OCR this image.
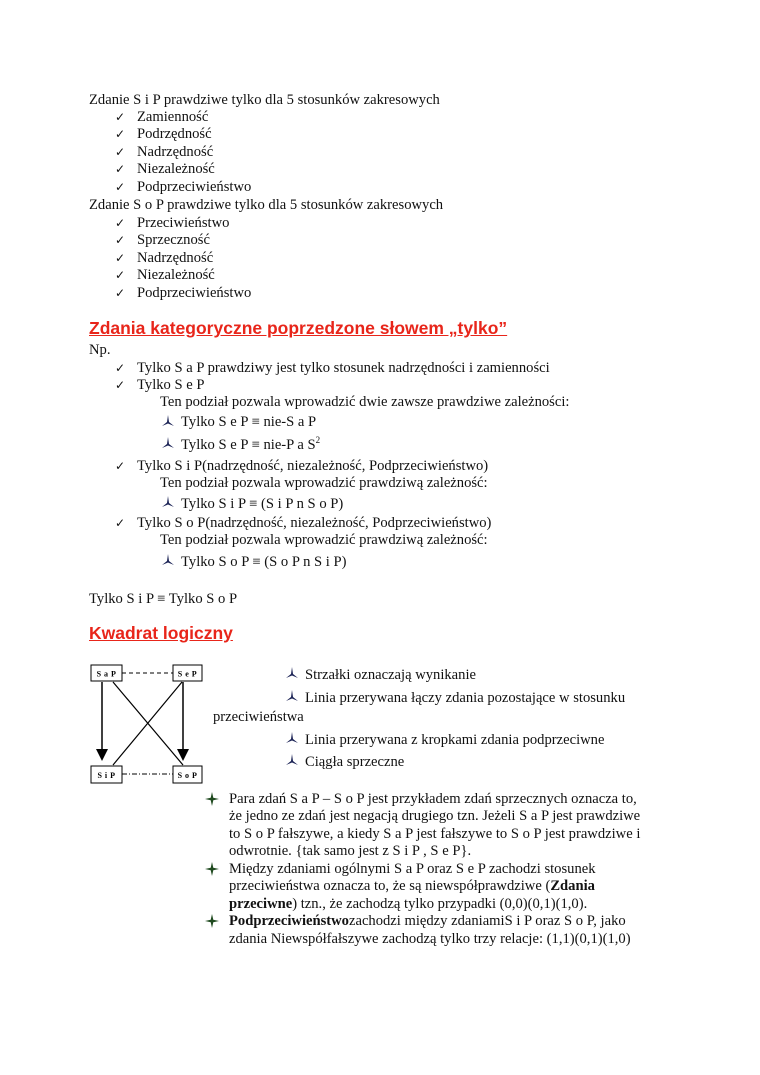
Zdanie S i P prawdziwe tylko dla 5 stosunków zakresowych
✓ Zamienność
✓ Podrzędność
✓ Nadrzędność
✓ Niezależność
✓ Podprzeciwieństwo
Zdanie S o P prawdziwe tylko dla 5 stosunków zakresowych
✓ Przeciwieństwo
✓ Sprzeczność
✓ Nadrzędność
✓ Niezależność
✓ Podprzeciwieństwo
Zdania kategoryczne poprzedzone słowem „tylko”
Np.
✓ Tylko S a P prawdziwy jest tylko stosunek nadrzędności i zamienności
✓ Tylko S e P
Ten podział pozwala wprowadzić dwie zawsze prawdziwe zależności:
Tylko S e P ≡ nie-S a P
Tylko S e P ≡ nie-P a $S^2$
✓ Tylko S i P(nadrzędność, niezależność, Podprzeciwieństwo)
Ten podział pozwala wprowadzić prawdziwą zależność:
Tylko S i P ≡ (S i P n S o P)
✓ Tylko S o P(nadrzędność, niezależność, Podprzeciwieństwo)
Ten podział pozwala wprowadzić prawdziwą zależność:
Tylko S o P ≡ (S o P n S i P)
Tylko S i P ≡ Tylko S o P
Kwadrat logiczny
S a P	S e P
S i P	S o P
Strzałki oznaczają wynikanie
Linia przerywana łączy zdania pozostające w stosunku
przeciwieństwa
Linia przerywana z kropkami zdania podprzeciwne
Ciągła sprzeczne
Para zdań S a P – S o P jest przykładem zdań sprzecznych oznacza to,
że jedno ze zdań jest negacją drugiego tzn. Jeżeli S a P jest prawdziwe
to S o P fałszywe, a kiedy S a P jest fałszywe to S o P jest prawdziwe i
odwrotnie. {tak samo jest z S i P , S e P}.
Między zdaniami ogólnymi S a P oraz S e P zachodzi stosunek
przeciwieństwa oznacza to, że są niewspółprawdziwe (Zdania
przeciwne) tzn., że zachodzą tylko przypadki (0,0)(0,1)(1,0).
Podprzeciwieństwozachodzi między zdaniamiS i P oraz S o P, jako
zdania Niewspółfałszywe zachodzą tylko trzy relacje: (1,1)(0,1)(1,0)
